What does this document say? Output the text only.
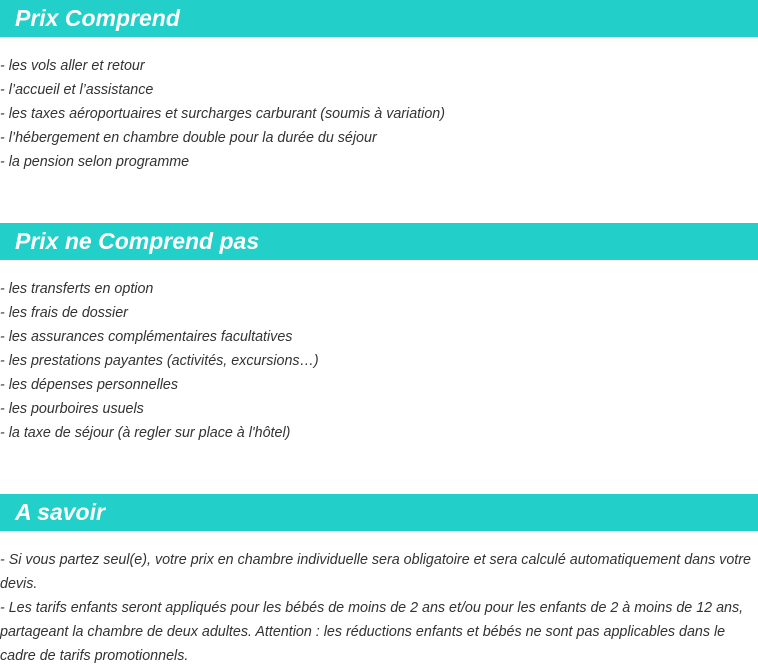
Prix Comprend
- les vols aller et retour
- l’accueil et l’assistance
- les taxes aéroportuaires et surcharges carburant (soumis à variation)
- l’hébergement en chambre double pour la durée du séjour
- la pension selon programme
Prix ne Comprend pas
- les transferts en option
- les frais de dossier
- les assurances complémentaires facultatives
- les prestations payantes (activités, excursions…)
- les dépenses personnelles
- les pourboires usuels
- la taxe de séjour (à regler sur place à l'hôtel)
A savoir

- Si vous partez seul(e), votre prix en chambre individuelle sera obligatoire et sera calculé automatiquement dans votre devis.

- Les tarifs enfants seront appliqués pour les bébés de moins de 2 ans et/ou pour les enfants de 2 à moins de 12 ans, partageant la chambre de deux adultes. Attention : les réductions enfants et bébés ne sont pas applicables dans le cadre de tarifs promotionnels.
